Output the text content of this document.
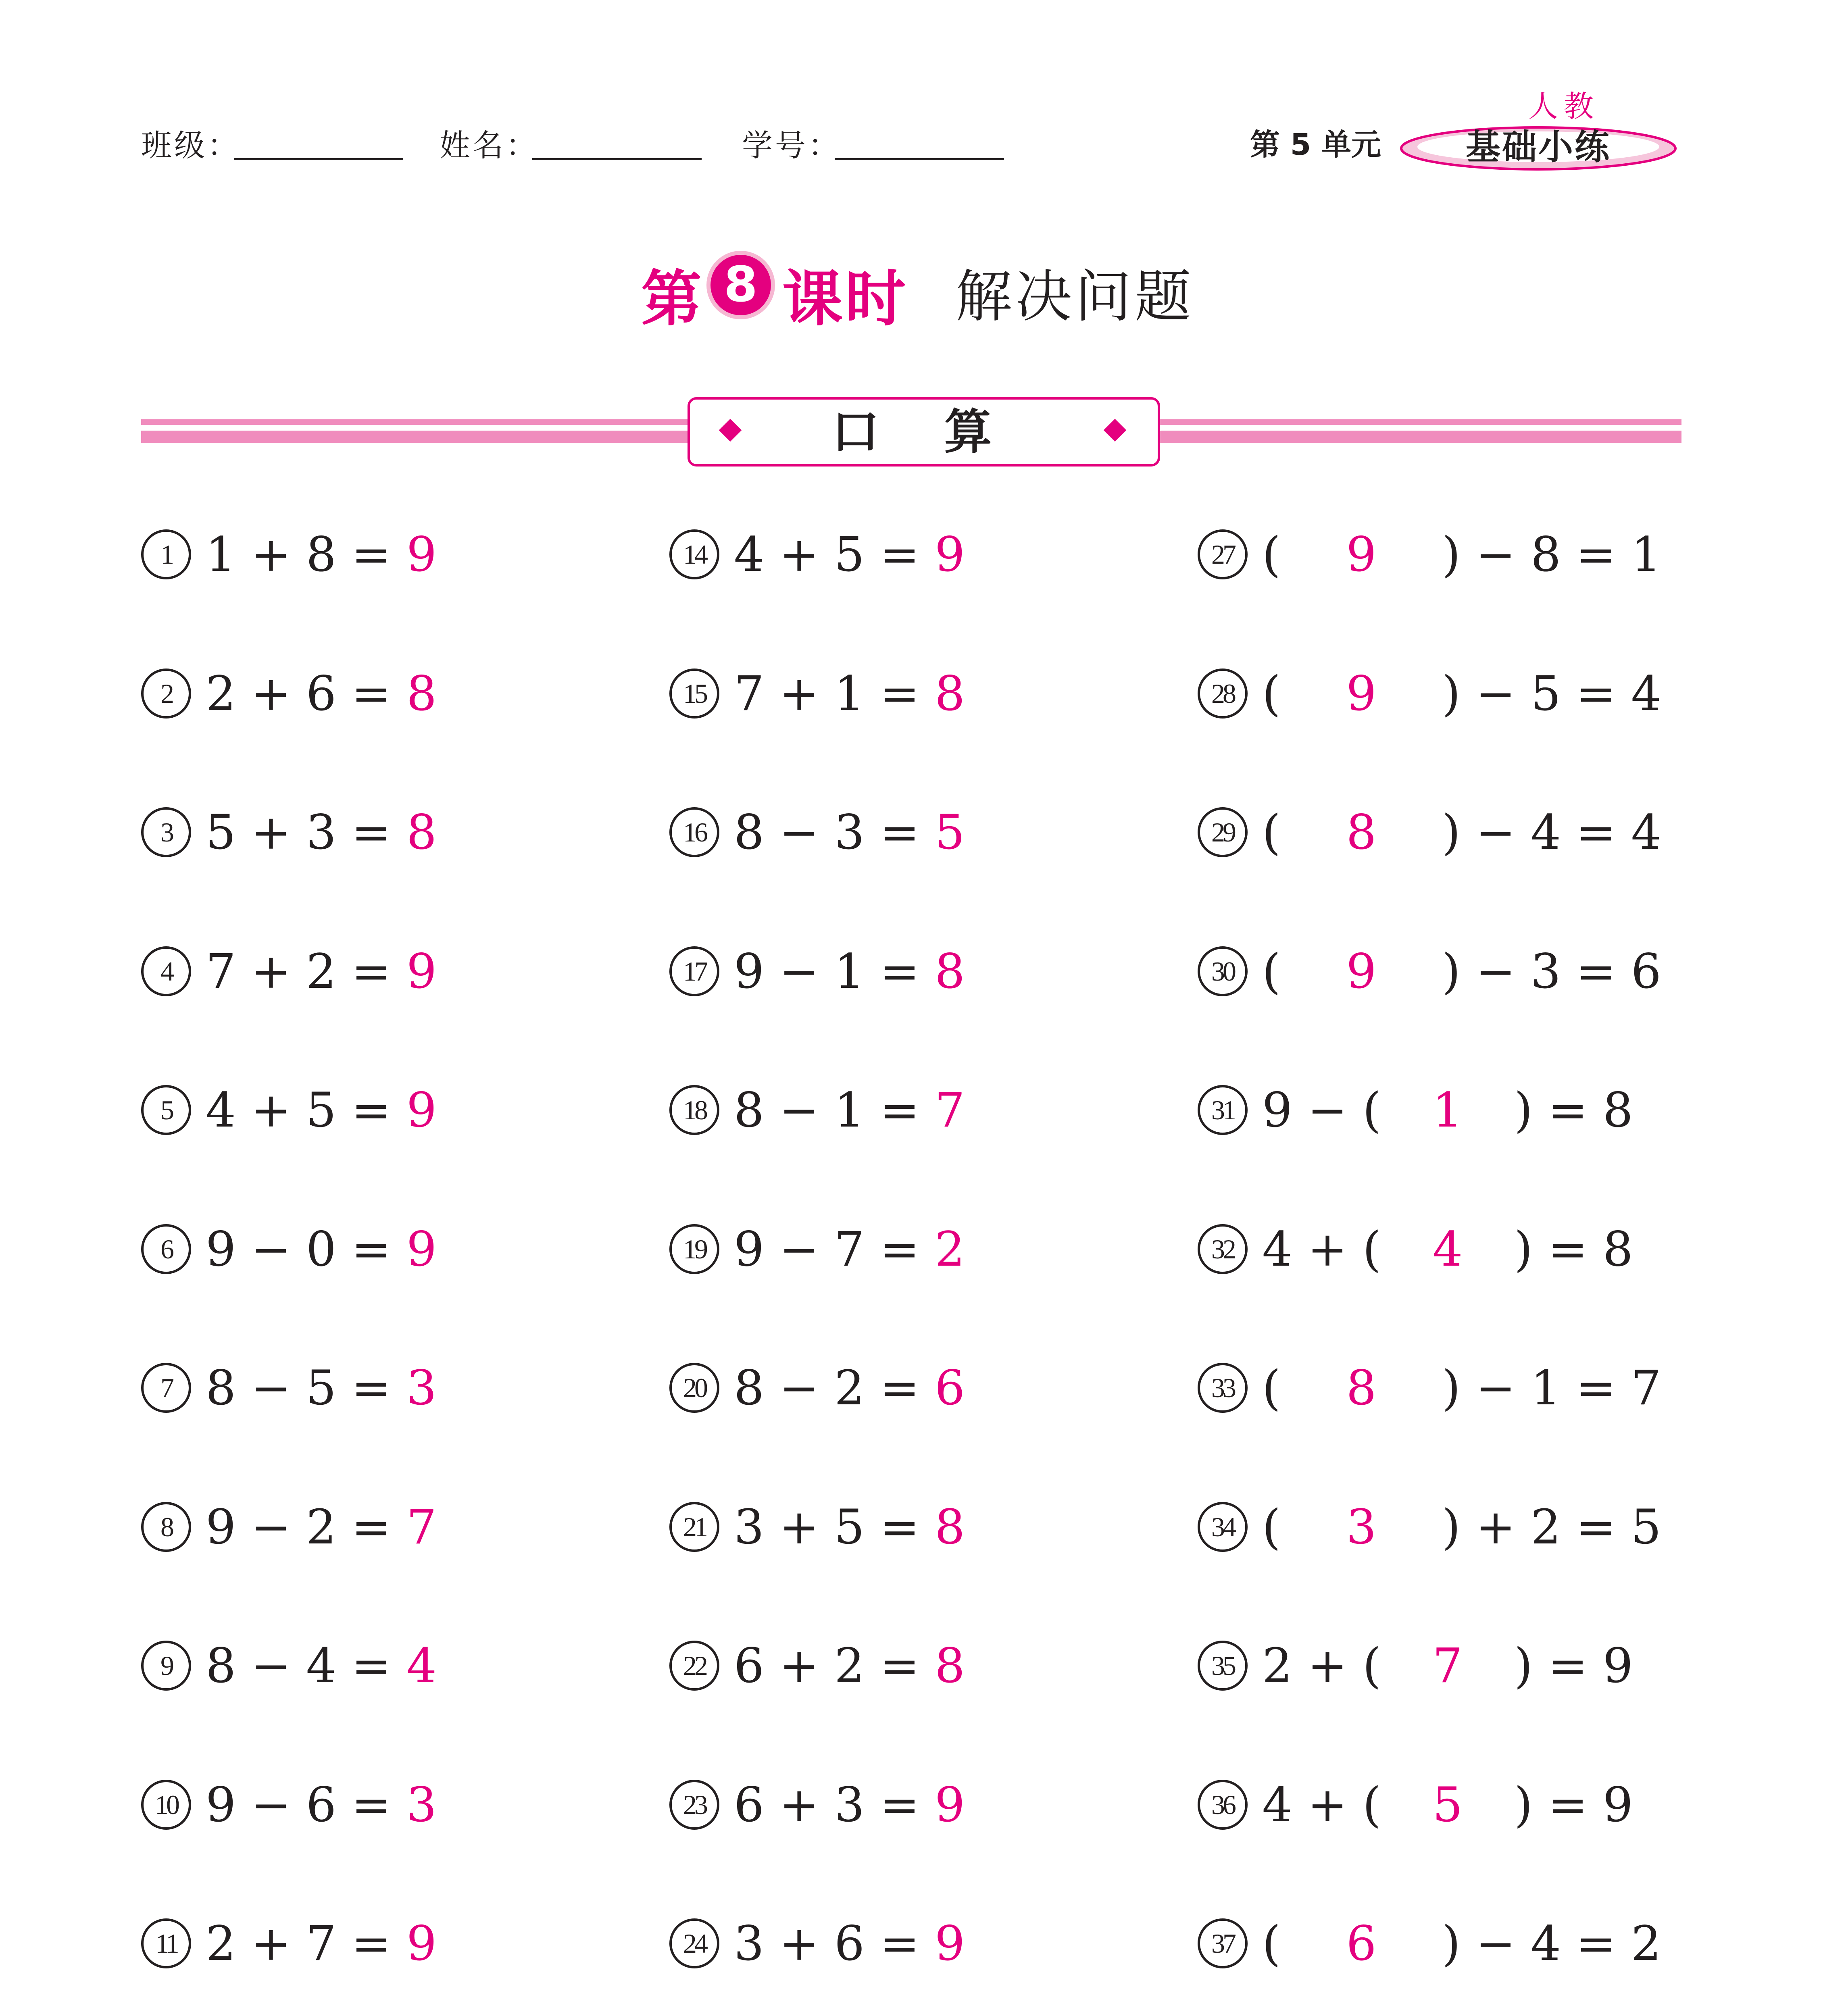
班级：	姓名：	学号：	第 5 单元
人教
基础小练
第 8 课时 解决问题
口 算
1 1 + 8 = 9
2 2 + 6 = 8
3 5 + 3 = 8
4 7 + 2 = 9
5 4 + 5 = 9
6 9 − 0 = 9
7 8 − 5 = 3
8 9 − 2 = 7
9 8 − 4 = 4
10 9 − 6 = 3
11 2 + 7 = 9
14 4 + 5 = 9
15 7 + 1 = 8
16 8 − 3 = 5
17 9 − 1 = 8
18 8 − 1 = 7
19 9 − 7 = 2
20 8 − 2 = 6
21 3 + 5 = 8
22 6 + 2 = 8
23 6 + 3 = 9
24 3 + 6 = 9
27 ( 9 ) − 8 = 1
28 ( 9 ) − 5 = 4
29 ( 8 ) − 4 = 4
30 ( 9 ) − 3 = 6
31 9 − ( 1 ) = 8
32 4 + ( 4 ) = 8
33 ( 8 ) − 1 = 7
34 ( 3 ) + 2 = 5
35 2 + ( 7 ) = 9
36 4 + ( 5 ) = 9
37 ( 6 ) − 4 = 2
